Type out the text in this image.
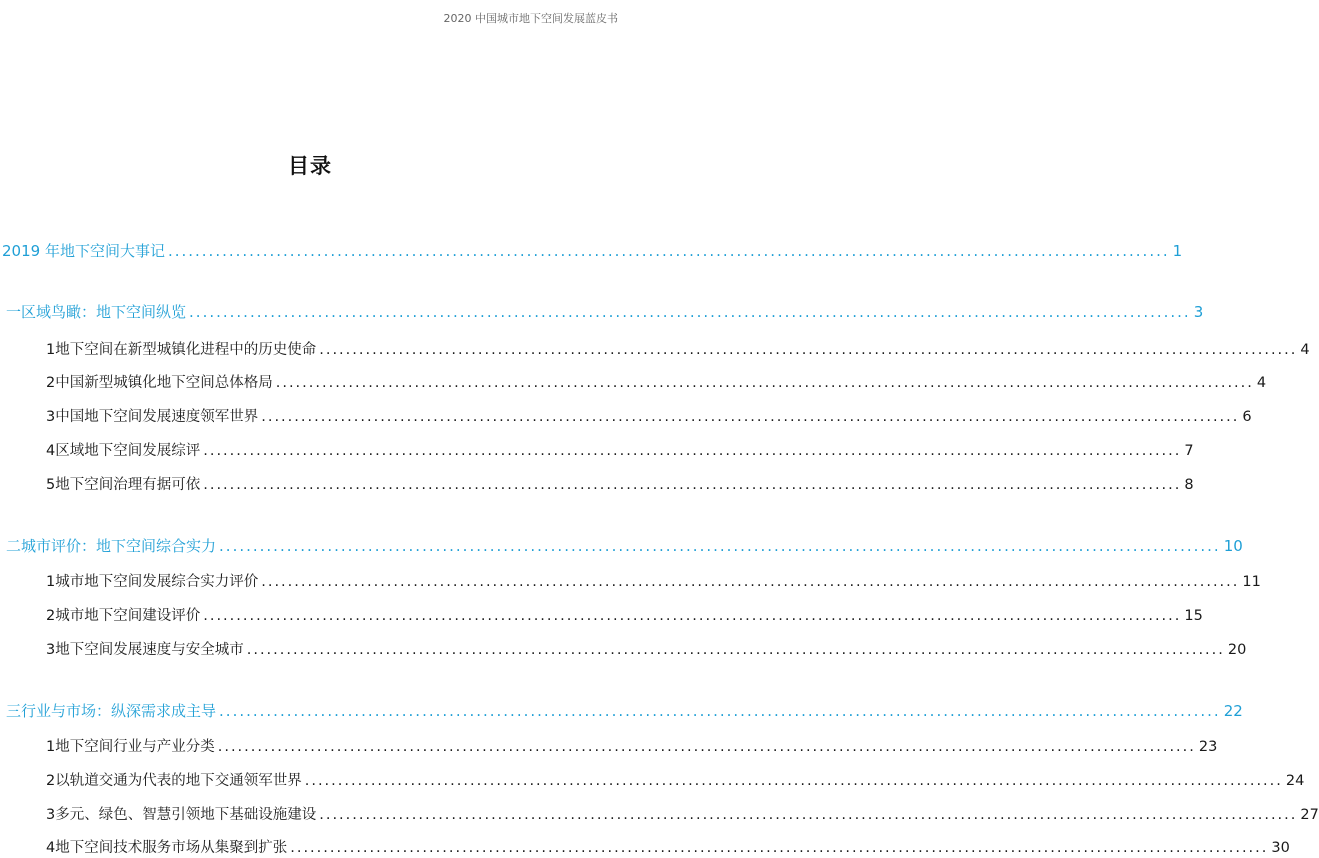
2020 中国城市地下空间发展蓝皮书
目录
2019 年地下空间大事记 .................................................................................................................................................... 1
一 区域鸟瞰：地下空间纵览 .................................................................................................................................................... 3
1 地下空间在新型城镇化进程中的历史使命 .................................................................................................................................................... 4
2 中国新型城镇化地下空间总体格局 .................................................................................................................................................... 4
3 中国地下空间发展速度领军世界 .................................................................................................................................................... 6
4 区域地下空间发展综评 .................................................................................................................................................... 7
5 地下空间治理有据可依 .................................................................................................................................................... 8
二 城市评价：地下空间综合实力 .................................................................................................................................................... 10
1 城市地下空间发展综合实力评价 .................................................................................................................................................... 11
2 城市地下空间建设评价 .................................................................................................................................................... 15
3 地下空间发展速度与安全城市 .................................................................................................................................................... 20
三 行业与市场：纵深需求成主导 .................................................................................................................................................... 22
1 地下空间行业与产业分类 .................................................................................................................................................... 23
2 以轨道交通为代表的地下交通领军世界 .................................................................................................................................................... 24
3 多元、绿色、智慧引领地下基础设施建设 .................................................................................................................................................... 27
4 地下空间技术服务市场从集聚到扩张 .................................................................................................................................................... 30
